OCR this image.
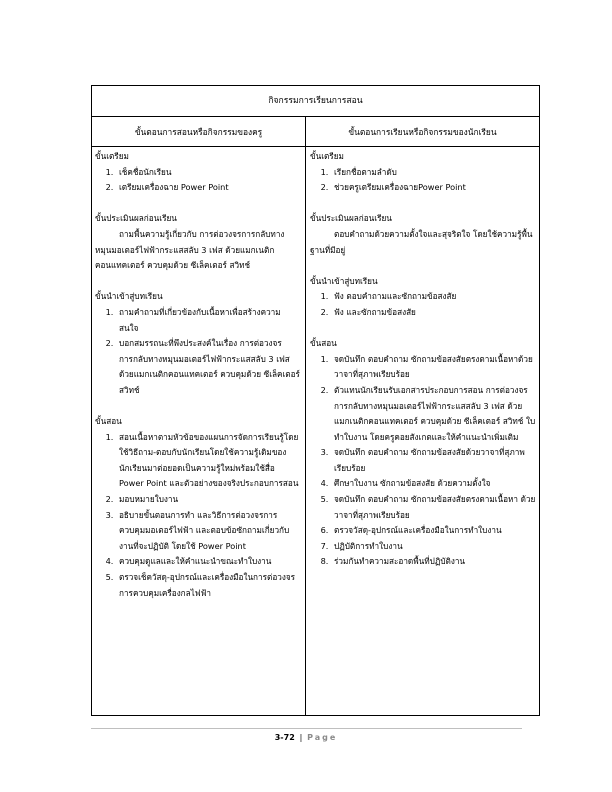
กิจกรรมการเรียนการสอน
ขั้นตอนการสอนหรือกิจกรรมของครู	ขั้นตอนการเรียนหรือกิจกรรมของนักเรียน
ขั้นเตรียม
1. เช็คชื่อนักเรียน
2. เตรียมเครื่องฉาย Power Point
ขั้นประเมินผลก่อนเรียน
ถามพื้นความรู้เกี่ยวกับ การต่อวงจรการกลับทางหมุนมอเตอร์ไฟฟ้ากระแสสลับ 3 เฟส ด้วยแมกเนติกคอนแทคเตอร์ ควบคุมด้วย ซีเล็คเตอร์ สวิทช์
ขั้นนำเข้าสู่บทเรียน
1. ถามคำถามที่เกี่ยวข้องกับเนื้อหาเพื่อสร้างความสนใจ
2. บอกสมรรถนะที่พึงประสงค์ในเรื่อง การต่อวงจรการกลับทางหมุนมอเตอร์ไฟฟ้ากระแสสลับ 3 เฟส ด้วยแมกเนติกคอนแทคเตอร์ ควบคุมด้วย ซีเล็คเตอร์ สวิทช์
ขั้นสอน
1. สอนเนื้อหาตามหัวข้อของแผนการจัดการเรียนรู้โดยใช้วิธีถาม-ตอบกับนักเรียนโดยใช้ความรู้เดิมของนักเรียนมาต่อยอดเป็นความรู้ใหม่พร้อมใช้สื่อ Power Point และตัวอย่างของจริงประกอบการสอน
2. มอบหมายใบงาน
3. อธิบายขั้นตอนการทำ และวิธีการต่อวงจรการควบคุมมอเตอร์ไฟฟ้า และตอบข้อซักถามเกี่ยวกับงานที่จะปฏิบัติ โดยใช้ Power Point
4. ควบคุมดูแลและให้คำแนะนำขณะทำใบงาน
5. ตรวจเช็ควัสดุ-อุปกรณ์และเครื่องมือในการต่อวงจรการควบคุมเครื่องกลไฟฟ้า
ขั้นเตรียม
1. เรียกชื่อตามลำดับ
2. ช่วยครูเตรียมเครื่องฉายPower Point
ขั้นประเมินผลก่อนเรียน
ตอบคำถามด้วยความตั้งใจและสุจริตใจ โดยใช้ความรู้พื้นฐานที่มีอยู่
ขั้นนำเข้าสู่บทเรียน
1. ฟัง ตอบคำถามและซักถามข้อสงสัย
2. ฟัง และซักถามข้อสงสัย
ขั้นสอน
1. จดบันทึก ตอบคำถาม ซักถามข้อสงสัยตรงตามเนื้อหาด้วยวาจาที่สุภาพเรียบร้อย
2. ตัวแทนนักเรียนรับเอกสารประกอบการสอน การต่อวงจรการกลับทางหมุนมอเตอร์ไฟฟ้ากระแสสลับ 3 เฟส ด้วยแมกเนติกคอนแทคเตอร์ ควบคุมด้วย ซีเล็คเตอร์ สวิทช์ ใบทำใบงาน โดยครูคอยสังเกตและให้คำแนะนำเพิ่มเติม
3. จดบันทึก ตอบคำถาม ซักถามข้อสงสัยด้วยวาจาที่สุภาพเรียบร้อย
4. ศึกษาใบงาน ซักถามข้อสงสัย ด้วยความตั้งใจ
5. จดบันทึก ตอบคำถาม ซักถามข้อสงสัยตรงตามเนื้อหา ด้วยวาจาที่สุภาพเรียบร้อย
6. ตรวจวัสดุ-อุปกรณ์และเครื่องมือในการทำใบงาน
7. ปฏิบัติการทำใบงาน
8. ร่วมกันทำความสะอาดพื้นที่ปฏิบัติงาน
3-72 | Page
